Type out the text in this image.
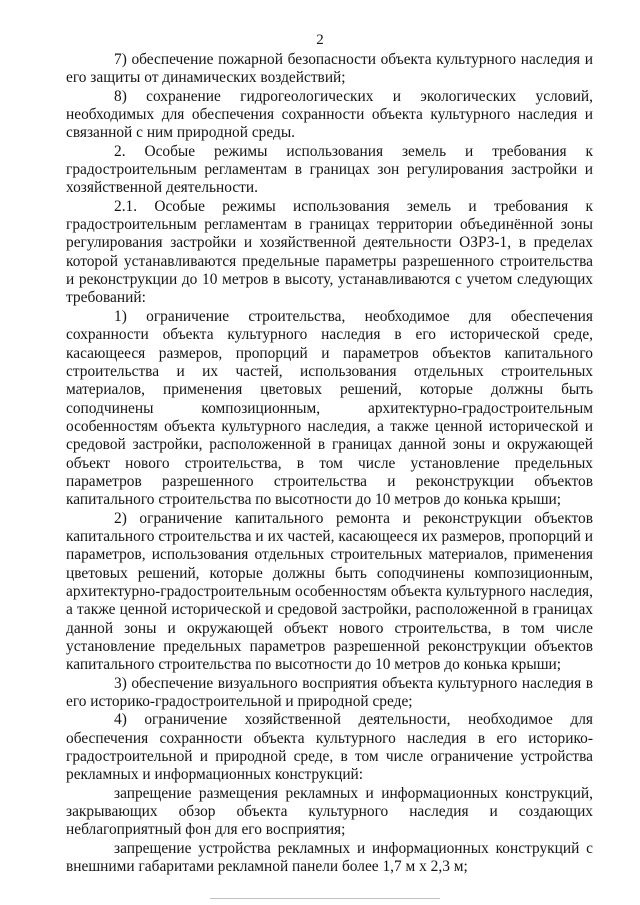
2

7) обеспечение пожарной безопасности объекта культурного наследия и его защиты от динамических воздействий;

8) сохранение гидрогеологических и экологических условий, необходимых для обеспечения сохранности объекта культурного наследия и связанной с ним природной среды.

2. Особые режимы использования земель и требования к градостроительным регламентам в границах зон регулирования застройки и хозяйственной деятельности.

2.1. Особые режимы использования земель и требования к градостроительным регламентам в границах территории объединённой зоны регулирования застройки и хозяйственной деятельности ОЗРЗ-1, в пределах которой устанавливаются предельные параметры разрешенного строительства и реконструкции до 10 метров в высоту, устанавливаются с учетом следующих требований:

1) ограничение строительства, необходимое для обеспечения сохранности объекта культурного наследия в его исторической среде, касающееся размеров, пропорций и параметров объектов капитального строительства и их частей, использования отдельных строительных материалов, применения цветовых решений, которые должны быть соподчинены композиционным, архитектурно-градостроительным особенностям объекта культурного наследия, а также ценной исторической и средовой застройки, расположенной в границах данной зоны и окружающей объект нового строительства, в том числе установление предельных параметров разрешенного строительства и реконструкции объектов капитального строительства по высотности до 10 метров до конька крыши;

2) ограничение капитального ремонта и реконструкции объектов капитального строительства и их частей, касающееся их размеров, пропорций и параметров, использования отдельных строительных материалов, применения цветовых решений, которые должны быть соподчинены композиционным, архитектурно-градостроительным особенностям объекта культурного наследия, а также ценной исторической и средовой застройки, расположенной в границах данной зоны и окружающей объект нового строительства, в том числе установление предельных параметров разрешенной реконструкции объектов капитального строительства по высотности до 10 метров до конька крыши;

3) обеспечение визуального восприятия объекта культурного наследия в его историко-градостроительной и природной среде;

4) ограничение хозяйственной деятельности, необходимое для обеспечения сохранности объекта культурного наследия в его историко-градостроительной и природной среде, в том числе ограничение устройства рекламных и информационных конструкций:

запрещение размещения рекламных и информационных конструкций, закрывающих обзор объекта культурного наследия и создающих неблагоприятный фон для его восприятия;

запрещение устройства рекламных и информационных конструкций с внешними габаритами рекламной панели более 1,7 м х 2,3 м;
